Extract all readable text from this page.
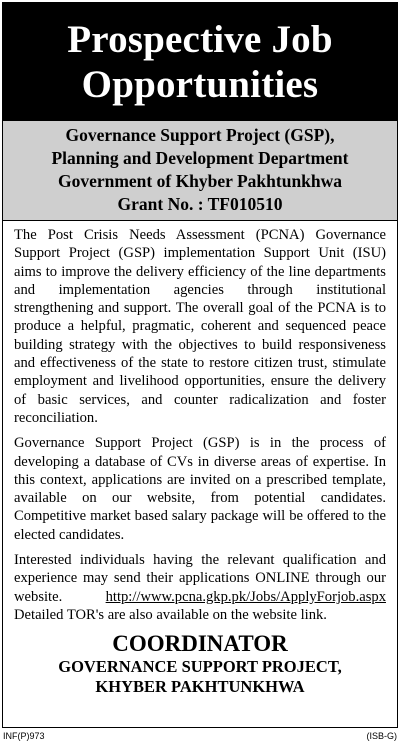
Prospective Job
Opportunities
Governance Support Project (GSP),
Planning and Development Department
Government of Khyber Pakhtunkhwa
Grant No. : TF010510

The Post Crisis Needs Assessment (PCNA) Governance Support Project (GSP) implementation Support Unit (ISU) aims to improve the delivery efficiency of the line departments and implementation agencies through institutional strengthening and support. The overall goal of the PCNA is to produce a helpful, pragmatic, coherent and sequenced peace building strategy with the objectives to build responsiveness and effectiveness of the state to restore citizen trust, stimulate employment and livelihood opportunities, ensure the delivery of basic services, and counter radicalization and foster reconciliation.

Governance Support Project (GSP) is in the process of developing a database of CVs in diverse areas of expertise. In this context, applications are invited on a prescribed template, available on our website, from potential candidates. Competitive market based salary package will be offered to the elected candidates.

Interested individuals having the relevant qualification and experience may send their applications ONLINE through our website. http://www.pcna.gkp.pk/Jobs/ApplyForjob.aspx Detailed TOR's are also available on the website link.

COORDINATOR
GOVERNANCE SUPPORT PROJECT,
KHYBER PAKHTUNKHWA
INF(P)973	(ISB-G)
